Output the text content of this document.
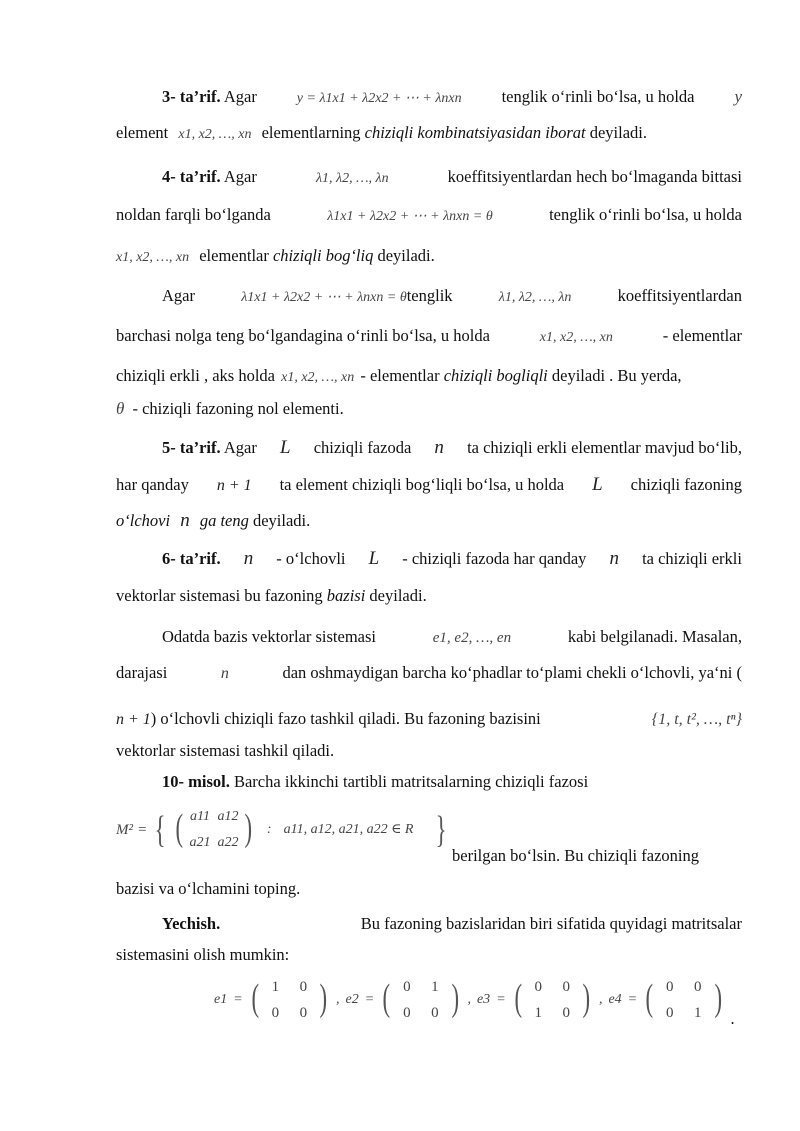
3- ta’rif. Agar	y = λ1x1 + λ2x2 + ⋯ + λnxn tenglik o‘rinli bo‘lsa, u holda y
element x1, x2, …, xn elementlarning chiziqli kombinatsiyasidan iborat deyiladi.
4- ta’rif. Agar	λ1, λ2, …, λn	koeffitsiyentlardan hech bo‘lmaganda bittasi
noldan farqli bo‘lganda	λ1x1 + λ2x2 + ⋯ + λnxn = θ	tenglik o‘rinli bo‘lsa, u holda
x1, x2, …, xn elementlar chiziqli bog‘liq deyiladi.
Agar	λ1x1 + λ2x2 + ⋯ + λnxn = θtenglik	λ1, λ2, …, λn	koeffitsiyentlardan
barchasi nolga teng bo‘lgandagina o‘rinli bo‘lsa, u holda	x1, x2, …, xn	- elementlar
chiziqli erkli , aks holda x1, x2, …, xn - elementlar chiziqli bogliqli deyiladi . Bu yerda,
θ - chiziqli fazoning nol elementi.
5- ta’rif. Agar L chiziqli fazoda n ta chiziqli erkli elementlar mavjud bo‘lib,
har qanday n + 1 ta element chiziqli bog‘liqli bo‘lsa, u holda L chiziqli fazoning
o‘lchovi n ga teng deyiladi.
6- ta’rif. n - o‘lchovli L - chiziqli fazoda har qanday n ta chiziqli erkli
vektorlar sistemasi bu fazoning bazisi deyiladi.
Odatda bazis vektorlar sistemasi	e1, e2, …, en	kabi belgilanadi. Masalan,
darajasi	n	dan oshmaydigan barcha ko‘phadlar to‘plami chekli o‘lchovli, ya‘ni (
n + 1) o‘lchovli chiziqli fazo tashkil qiladi. Bu fazoning bazisini	{1, t, t², …, tⁿ}
vektorlar sistemasi tashkil qiladi.
10- misol. Barcha ikkinchi tartibli matritsalarning chiziqli fazosi
M² = { ( a11 a12
a21 a22 ) : a11, a12, a21, a22 ∈ R }
berilgan bo‘lsin. Bu chiziqli fazoning
bazisi va o‘lchamini toping.
Yechish.	Bu fazoning bazislaridan biri sifatida quyidagi matritsalar
sistemasini olish mumkin:
e1 = ( 1	0
0	0 ) , e2 = ( 0	1
0	0 ) , e3 = ( 0	0
1	0 ) , e4 = ( 0	0
0	1 ) .
